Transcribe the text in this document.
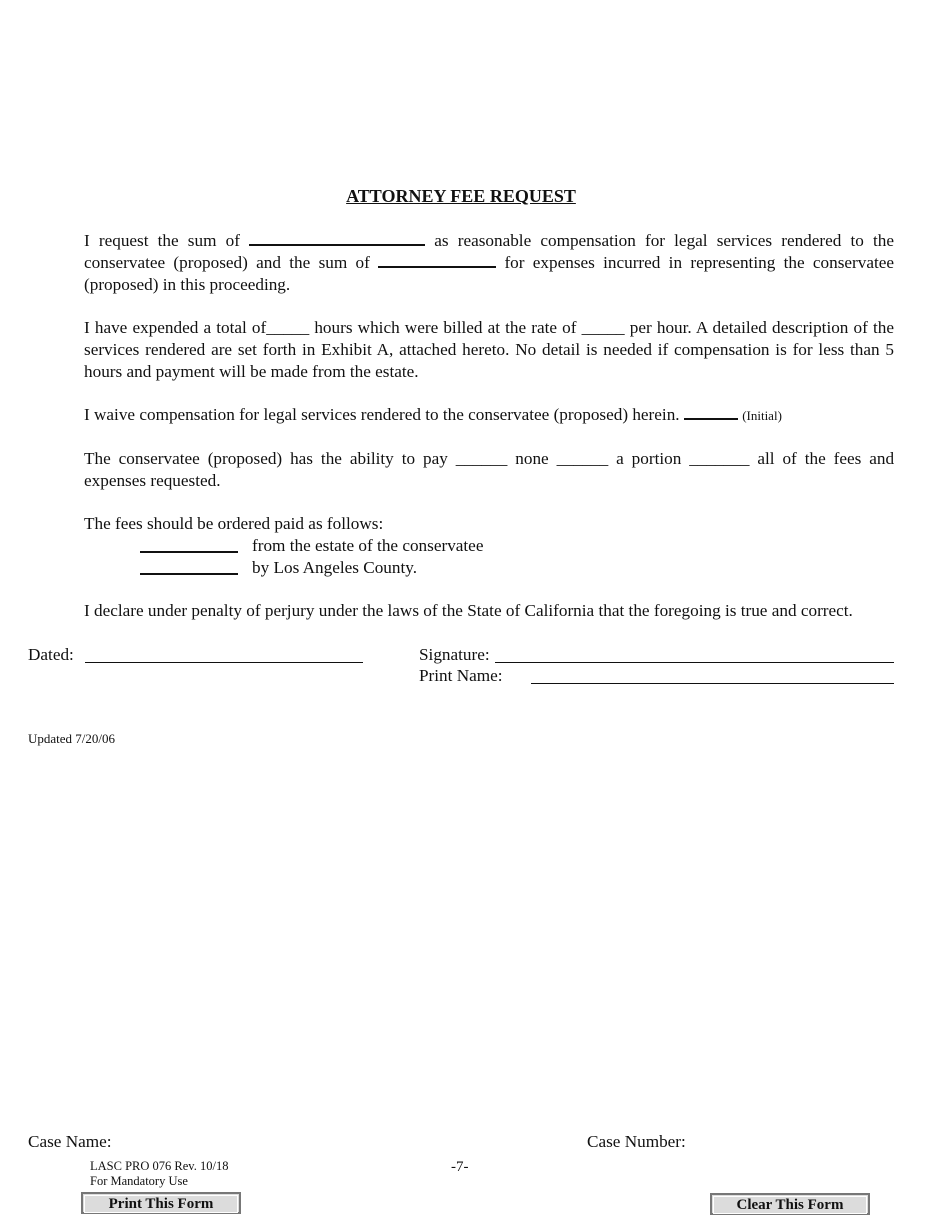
ATTORNEY FEE REQUEST
I request the sum of	as reasonable compensation for legal services rendered to the conservatee (proposed) and the sum of	for expenses incurred in representing the conservatee (proposed) in this proceeding.
I have expended a total of_____ hours which were billed at the rate of _____ per hour. A detailed description of the services rendered are set forth in Exhibit A, attached hereto. No detail is needed if compensation is for less than 5 hours and payment will be made from the estate.
I waive compensation for legal services rendered to the conservatee (proposed) herein.	(Initial)
The conservatee (proposed) has the ability to pay ______ none ______ a portion _______ all of the fees and expenses requested.
The fees should be ordered paid as follows:
from the estate of the conservatee
by Los Angeles County.
I declare under penalty of perjury under the laws of the State of California that the foregoing is true and correct.
Dated:	Signature:
Print Name:
Updated 7/20/06
Case Name:	Case Number:
LASC PRO 076 Rev. 10/18
For Mandatory Use
-7-
Print This Form	Clear This Form
